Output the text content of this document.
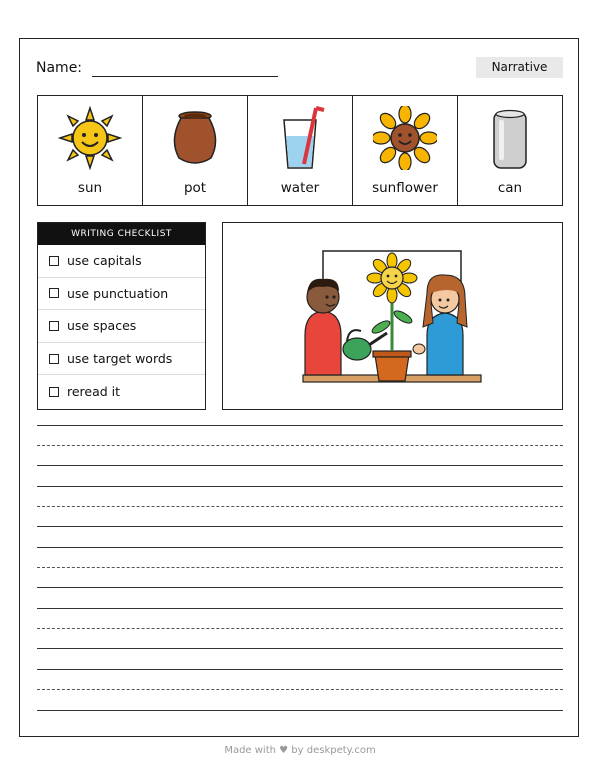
Name:	Narrative
sun	pot	water	sunflower	can
WRITING CHECKLIST
use capitals
use punctuation
use spaces
use target words
reread it
Made with ♥ by deskpety.com
